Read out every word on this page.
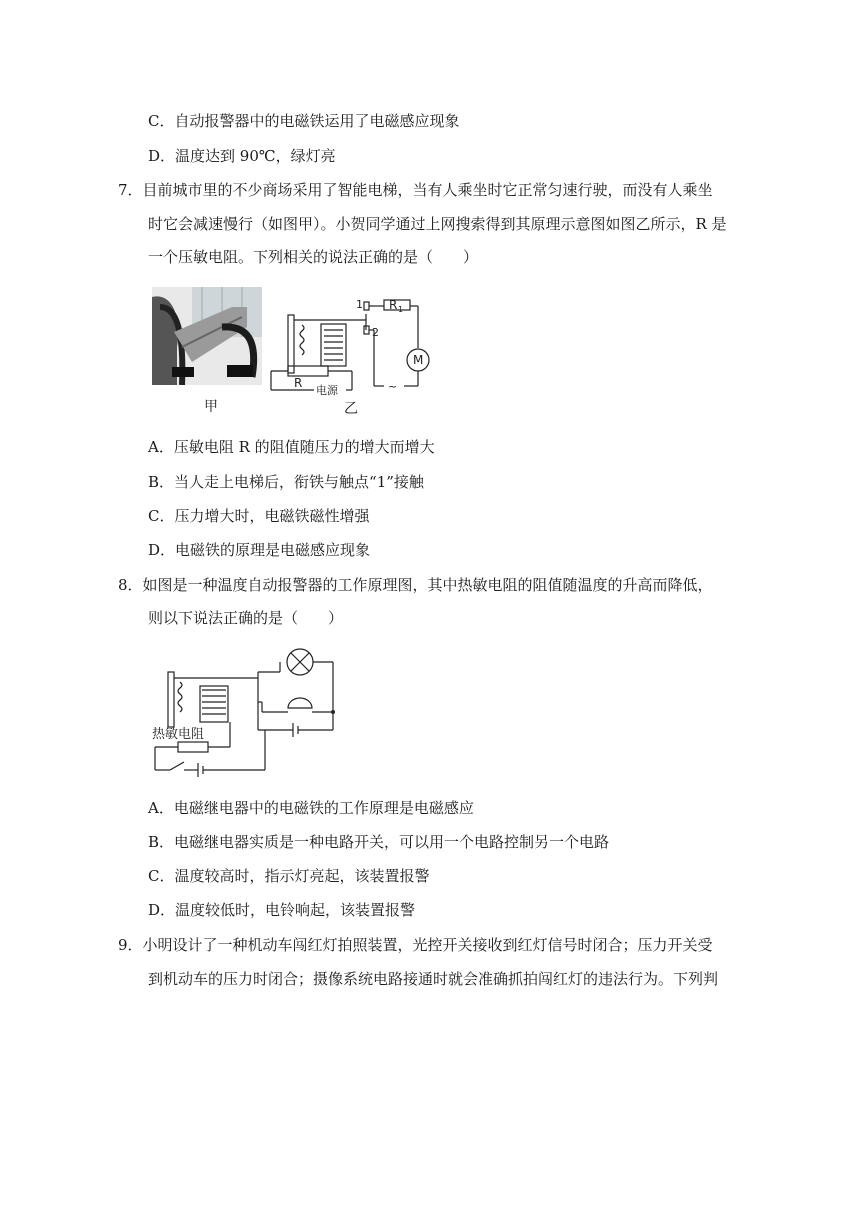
C．自动报警器中的电磁铁运用了电磁感应现象
D．温度达到 90℃，绿灯亮
7．目前城市里的不少商场采用了智能电梯，当有人乘坐时它正常匀速行驶，而没有人乘坐
时它会减速慢行（如图甲）。小贺同学通过上网搜索得到其原理示意图如图乙所示，R 是
一个压敏电阻。下列相关的说法正确的是（　　）
甲
1
2
R 1
M
R
电源	~
乙
A．压敏电阻 R 的阻值随压力的增大而增大
B．当人走上电梯后，衔铁与触点“1”接触
C．压力增大时，电磁铁磁性增强
D．电磁铁的原理是电磁感应现象
8．如图是一种温度自动报警器的工作原理图，其中热敏电阻的阻值随温度的升高而降低，
则以下说法正确的是（　　）
热敏电阻
A．电磁继电器中的电磁铁的工作原理是电磁感应
B．电磁继电器实质是一种电路开关，可以用一个电路控制另一个电路
C．温度较高时，指示灯亮起，该装置报警
D．温度较低时，电铃响起，该装置报警
9．小明设计了一种机动车闯红灯拍照装置，光控开关接收到红灯信号时闭合；压力开关受
到机动车的压力时闭合；摄像系统电路接通时就会准确抓拍闯红灯的违法行为。下列判
